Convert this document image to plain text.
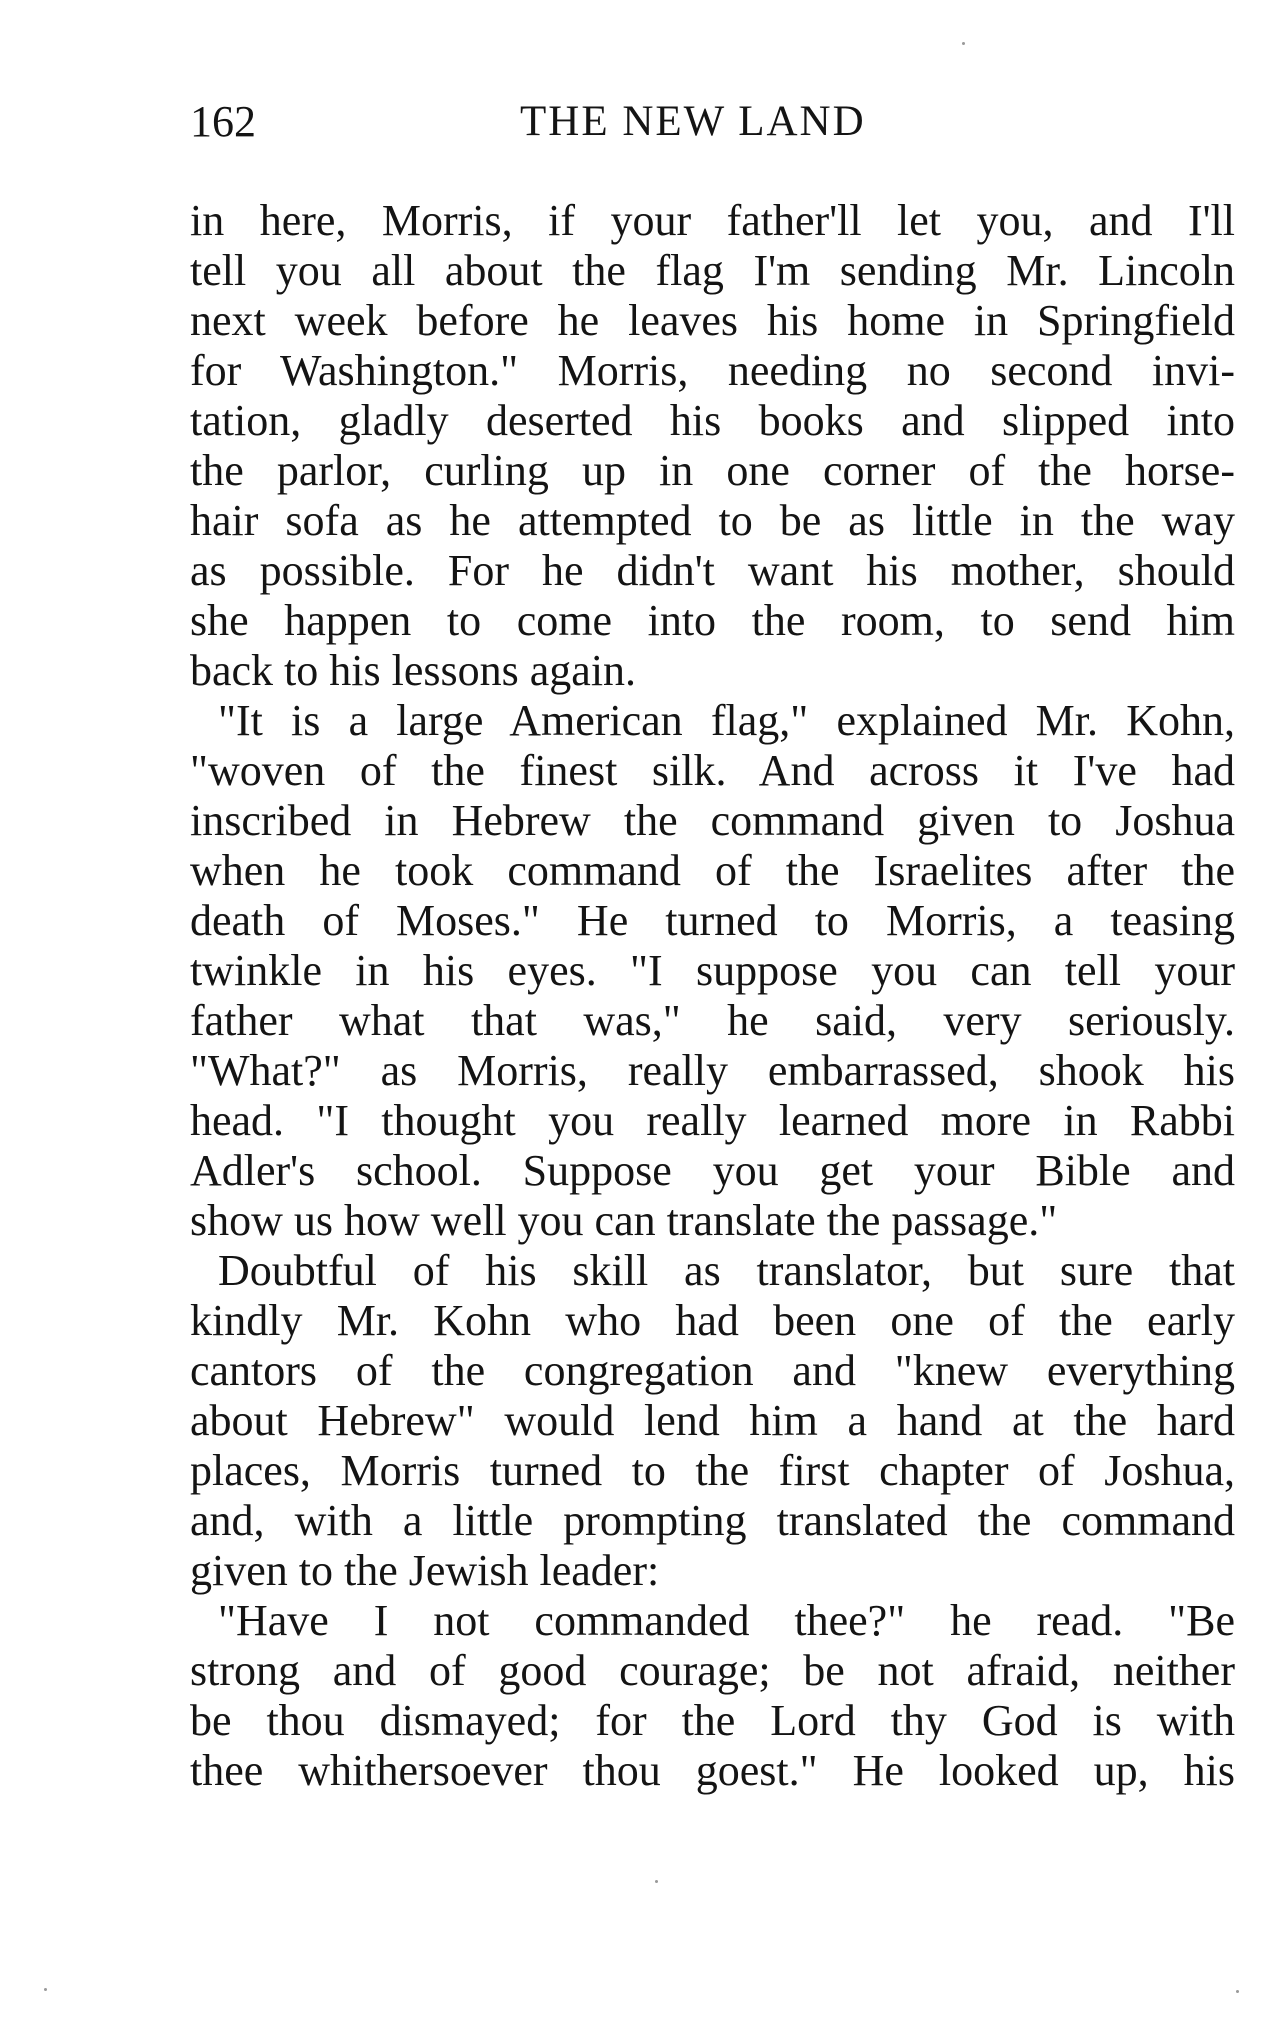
162	THE NEW LAND
in here, Morris, if your father'll let you, and I'll
tell you all about the flag I'm sending Mr. Lincoln
next week before he leaves his home in Springfield
for Washington." Morris, needing no second invi-
tation, gladly deserted his books and slipped into
the parlor, curling up in one corner of the horse-
hair sofa as he attempted to be as little in the way
as possible. For he didn't want his mother, should
she happen to come into the room, to send him
back to his lessons again.
"It is a large American flag," explained Mr. Kohn,
"woven of the finest silk. And across it I've had
inscribed in Hebrew the command given to Joshua
when he took command of the Israelites after the
death of Moses." He turned to Morris, a teasing
twinkle in his eyes. "I suppose you can tell your
father what that was," he said, very seriously.
"What?" as Morris, really embarrassed, shook his
head. "I thought you really learned more in Rabbi
Adler's school. Suppose you get your Bible and
show us how well you can translate the passage."
Doubtful of his skill as translator, but sure that
kindly Mr. Kohn who had been one of the early
cantors of the congregation and "knew everything
about Hebrew" would lend him a hand at the hard
places, Morris turned to the first chapter of Joshua,
and, with a little prompting translated the command
given to the Jewish leader:
"Have I not commanded thee?" he read. "Be
strong and of good courage; be not afraid, neither
be thou dismayed; for the Lord thy God is with
thee whithersoever thou goest." He looked up, his
